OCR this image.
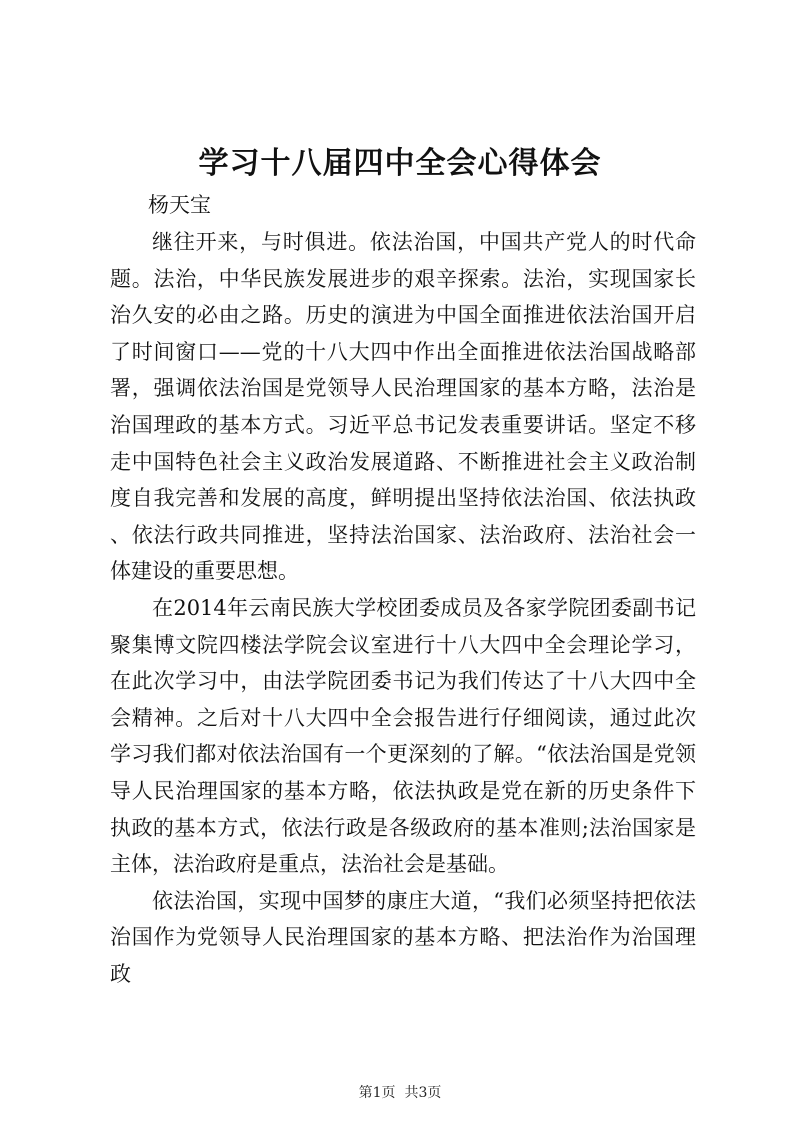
学习十八届四中全会心得体会

杨天宝

继往开来，与时俱进。依法治国，中国共产党人的时代命题。法治，中华民族发展进步的艰辛探索。法治，实现国家长治久安的必由之路。历史的演进为中国全面推进依法治国开启了时间窗口——党的十八大四中作出全面推进依法治国战略部署，强调依法治国是党领导人民治理国家的基本方略，法治是治国理政的基本方式。习近平总书记发表重要讲话。坚定不移走中国特色社会主义政治发展道路、不断推进社会主义政治制度自我完善和发展的高度，鲜明提出坚持依法治国、依法执政、依法行政共同推进，坚持法治国家、法治政府、法治社会一体建设的重要思想。

在2014年云南民族大学校团委成员及各家学院团委副书记聚集博文院四楼法学院会议室进行十八大四中全会理论学习，在此次学习中，由法学院团委书记为我们传达了十八大四中全会精神。之后对十八大四中全会报告进行仔细阅读，通过此次学习我们都对依法治国有一个更深刻的了解。“依法治国是党领导人民治理国家的基本方略，依法执政是党在新的历史条件下执政的基本方式，依法行政是各级政府的基本准则;法治国家是主体，法治政府是重点，法治社会是基础。

依法治国，实现中国梦的康庄大道，“我们必须坚持把依法治国作为党领导人民治理国家的基本方略、把法治作为治国理政

第1页 共3页
